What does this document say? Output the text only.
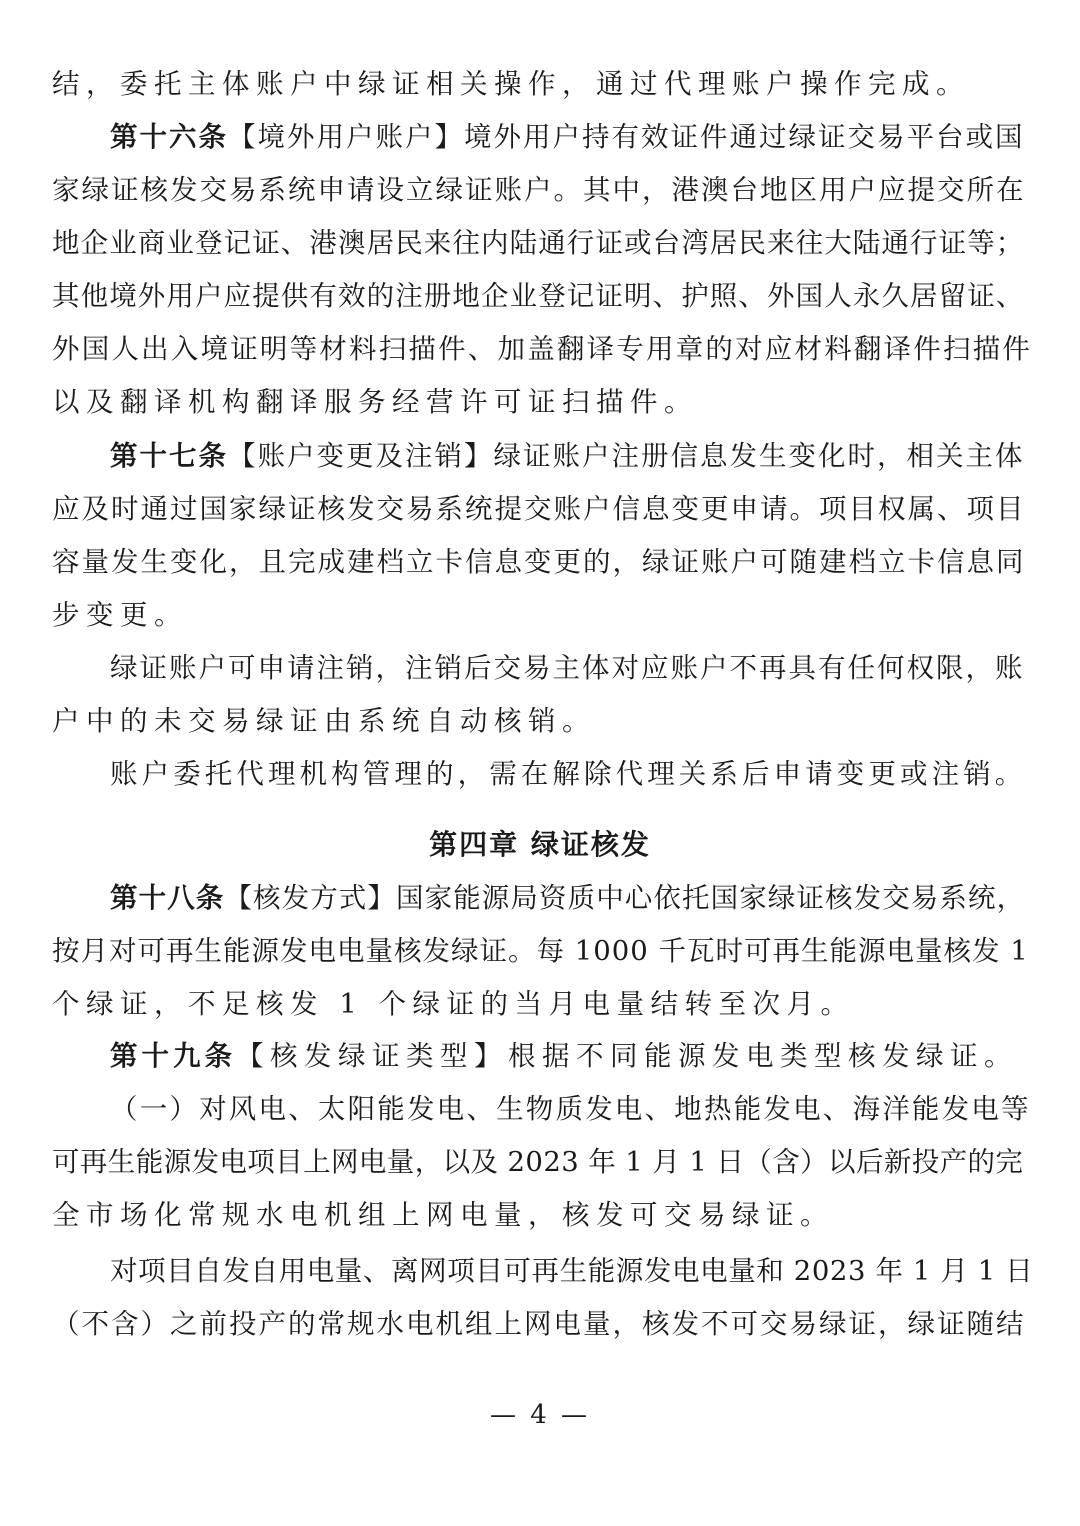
结，委托主体账户中绿证相关操作，通过代理账户操作完成。
第十六条【境外用户账户】境外用户持有效证件通过绿证交易平台或国
家绿证核发交易系统申请设立绿证账户。其中，港澳台地区用户应提交所在
地企业商业登记证、港澳居民来往内陆通行证或台湾居民来往大陆通行证等；
其他境外用户应提供有效的注册地企业登记证明、护照、外国人永久居留证、
外国人出入境证明等材料扫描件、加盖翻译专用章的对应材料翻译件扫描件
以及翻译机构翻译服务经营许可证扫描件。
第十七条【账户变更及注销】绿证账户注册信息发生变化时，相关主体
应及时通过国家绿证核发交易系统提交账户信息变更申请。项目权属、项目
容量发生变化，且完成建档立卡信息变更的，绿证账户可随建档立卡信息同
步变更。
绿证账户可申请注销，注销后交易主体对应账户不再具有任何权限，账
户中的未交易绿证由系统自动核销。
账户委托代理机构管理的，需在解除代理关系后申请变更或注销。
第四章 绿证核发
第十八条【核发方式】国家能源局资质中心依托国家绿证核发交易系统，
按月对可再生能源发电电量核发绿证。每 1000 千瓦时可再生能源电量核发 1
个绿证，不足核发 1 个绿证的当月电量结转至次月。
第十九条【核发绿证类型】根据不同能源发电类型核发绿证。
（一）对风电、太阳能发电、生物质发电、地热能发电、海洋能发电等
可再生能源发电项目上网电量，以及 2023 年 1 月 1 日（含）以后新投产的完
全市场化常规水电机组上网电量，核发可交易绿证。
对项目自发自用电量、离网项目可再生能源发电电量和 2023 年 1 月 1 日
（不含）之前投产的常规水电机组上网电量，核发不可交易绿证，绿证随结
— 4 —
